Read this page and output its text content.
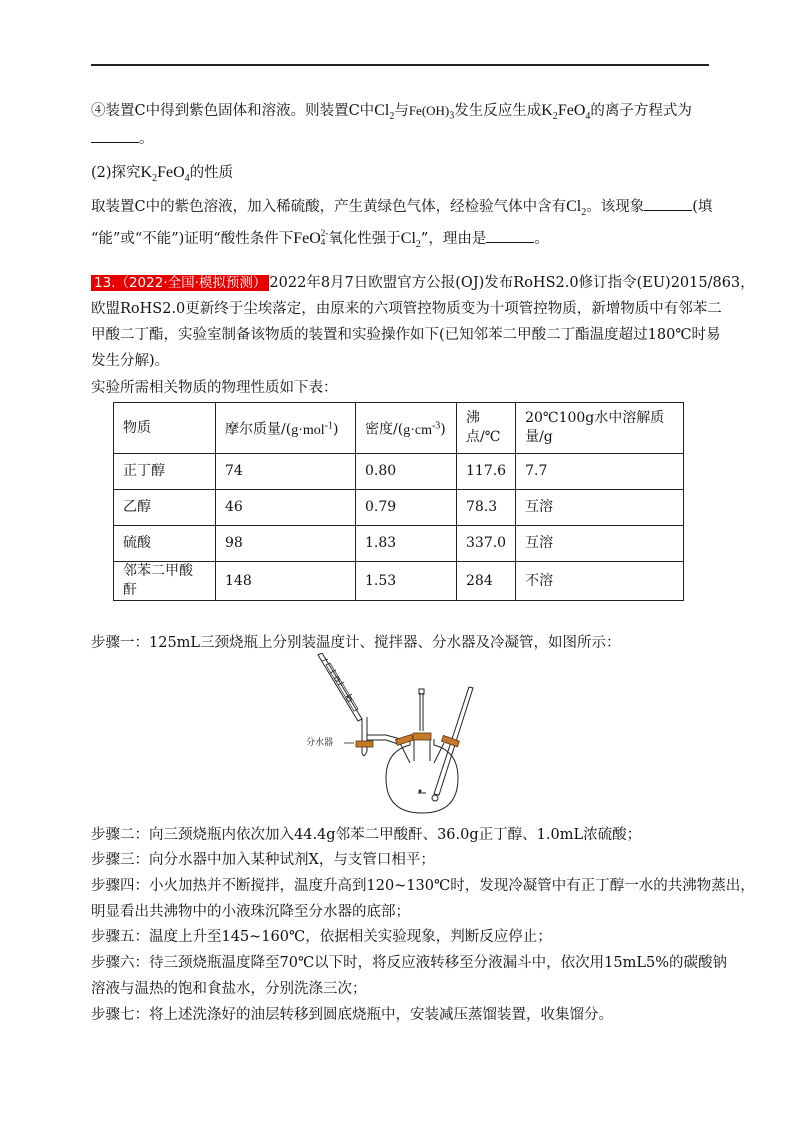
④装置C中得到紫色固体和溶液。则装置C中$Cl_2$与$Fe(OH)_3$发生反应生成$K_2FeO_4$的离子方程式为
。
(2)探究$K_2FeO_4$的性质
取装置C中的紫色溶液，加入稀硫酸，产生黄绿色气体，经检验气体中含有$Cl_2$。该现象	(填
“能”或“不能”)证明“酸性条件下FeO2-
4 氧化性强于$Cl_2$”，理由是	。
13.（2022·全国·模拟预测） 2022年8月7日欧盟官方公报(OJ)发布RoHS2.0修订指令(EU)2015/863，
欧盟RoHS2.0更新终于尘埃落定，由原来的六项管控物质变为十项管控物质，新增物质中有邻苯二
甲酸二丁酯，实验室制备该物质的装置和实验操作如下(已知邻苯二甲酸二丁酯温度超过180℃时易
发生分解)。
实验所需相关物质的物理性质如下表：
物质	摩尔质量/(g·mol$^{-1}$)	密度$/(g\cdot cm^{-3})$	沸
点/℃	20℃100g水中溶解质量/g
正丁醇	74	0.80	117.6	7.7
乙醇	46	0.79	78.3	互溶
硫酸	98	1.83	337.0	互溶
邻苯二甲酸酐	148	1.53	284	不溶
步骤一：125mL三颈烧瓶上分别装温度计、搅拌器、分水器及冷凝管，如图所示：
分水器
步骤二：向三颈烧瓶内依次加入44.4g邻苯二甲酸酐、36.0g正丁醇、1.0mL浓硫酸；
步骤三：向分水器中加入某种试剂X，与支管口相平；
步骤四：小火加热并不断搅拌，温度升高到120~130℃时，发现冷凝管中有正丁醇一水的共沸物蒸出，
明显看出共沸物中的小液珠沉降至分水器的底部；
步骤五：温度上升至145~160℃，依据相关实验现象，判断反应停止；
步骤六：待三颈烧瓶温度降至70℃以下时，将反应液转移至分液漏斗中，依次用15mL5%的碳酸钠
溶液与温热的饱和食盐水，分别洗涤三次；
步骤七：将上述洗涤好的油层转移到圆底烧瓶中，安装减压蒸馏装置，收集馏分。
